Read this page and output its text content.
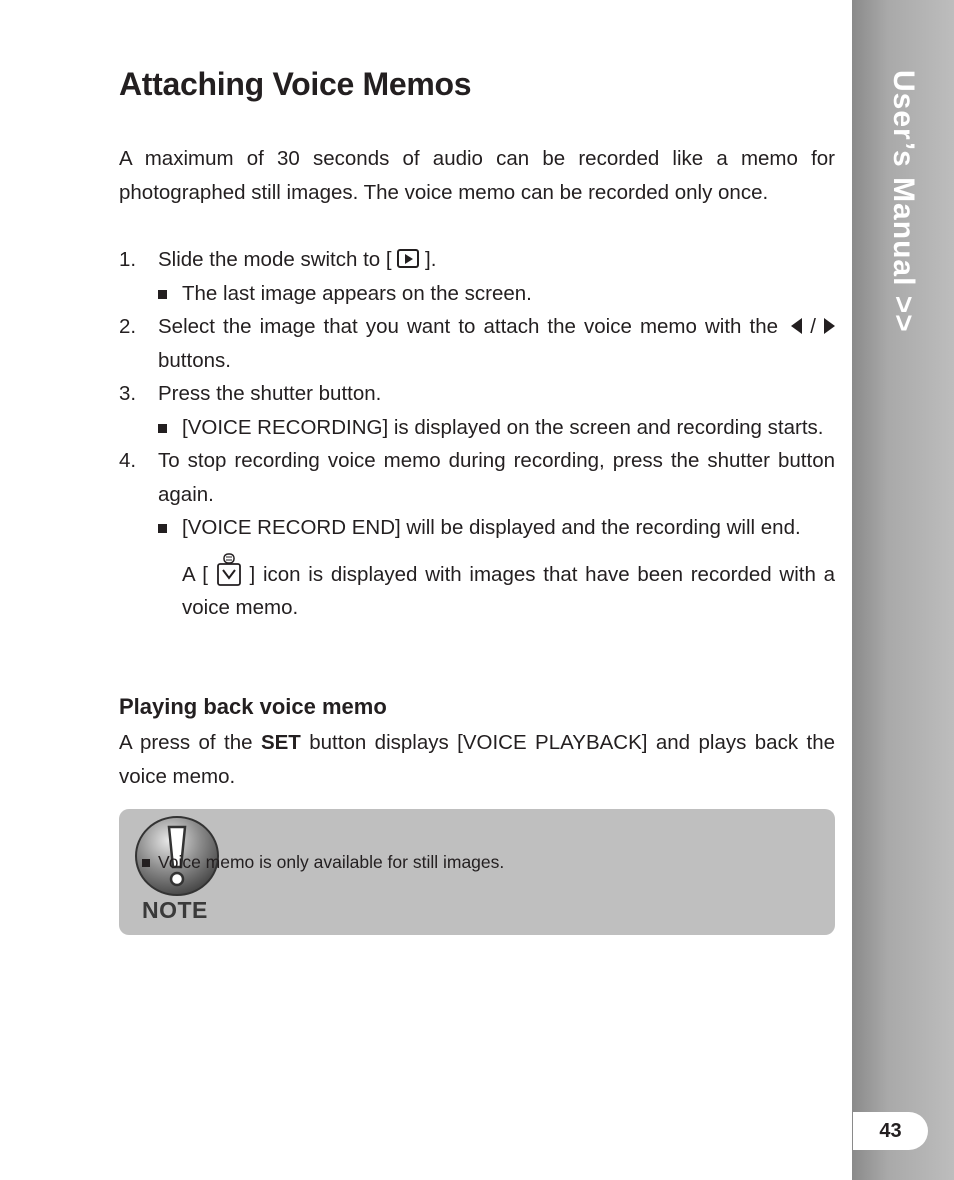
User’s Manual >>
43
Attaching Voice Memos

A maximum of 30 seconds of audio can be recorded like a memo for photographed still images. The voice memo can be recorded only once.

1. Slide the mode switch to [ ].
The last image appears on the screen.
2. Select the image that you want to attach the voice memo with the /  buttons.
3. Press the shutter button.
[VOICE RECORDING] is displayed on the screen and recording starts.
4. To stop recording voice memo during recording, press the shutter button again.
[VOICE RECORD END] will be displayed and the recording will end.
A [ ] icon is displayed with images that have been recorded with a voice memo.
Playing back voice memo

A press of the SET button displays [VOICE PLAYBACK] and plays back the voice memo.

NOTE
Voice memo is only available for still images.
